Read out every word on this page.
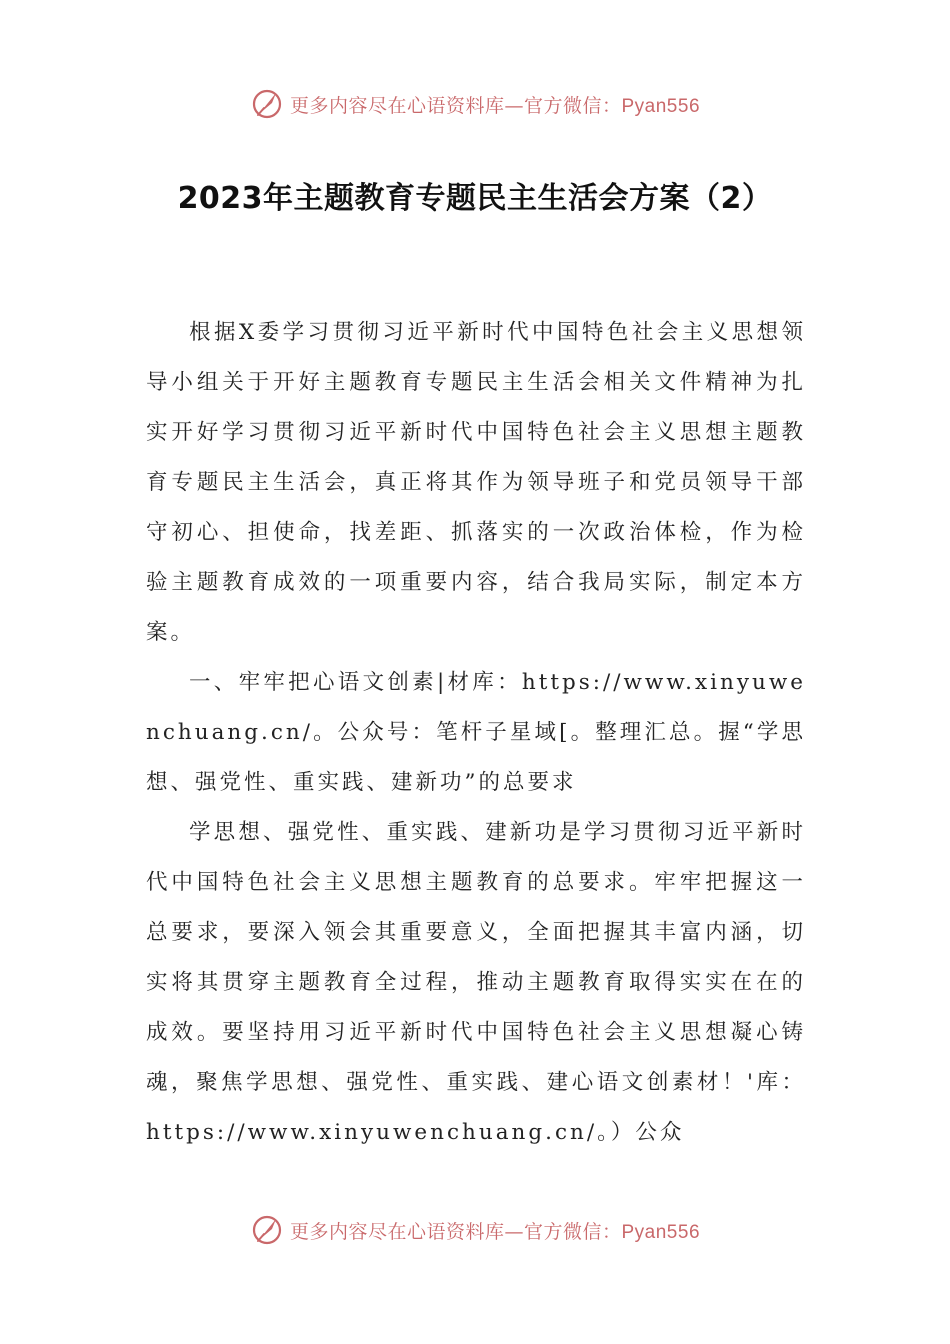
更多内容尽在心语资料库—官方微信：Pyan556
2023年主题教育专题民主生活会方案（2）

根据X委学习贯彻习近平新时代中国特色社会主义思想领导小组关于开好主题教育专题民主生活会相关文件精神为扎实开好学习贯彻习近平新时代中国特色社会主义思想主题教育专题民主生活会，真正将其作为领导班子和党员领导干部守初心、担使命，找差距、抓落实的一次政治体检，作为检验主题教育成效的一项重要内容，结合我局实际，制定本方案。

一、牢牢把心语文创素|材库：https://www.xinyuwenchuang.cn/。公众号：笔杆子星域[。整理汇总。握“学思想、强党性、重实践、建新功”的总要求

学思想、强党性、重实践、建新功是学习贯彻习近平新时代中国特色社会主义思想主题教育的总要求。牢牢把握这一总要求，要深入领会其重要意义，全面把握其丰富内涵，切实将其贯穿主题教育全过程，推动主题教育取得实实在在的成效。要坚持用习近平新时代中国特色社会主义思想凝心铸魂，聚焦学思想、强党性、重实践、建心语文创素材！'库：https://www.xinyuwenchuang.cn/。）公众

更多内容尽在心语资料库—官方微信：Pyan556
